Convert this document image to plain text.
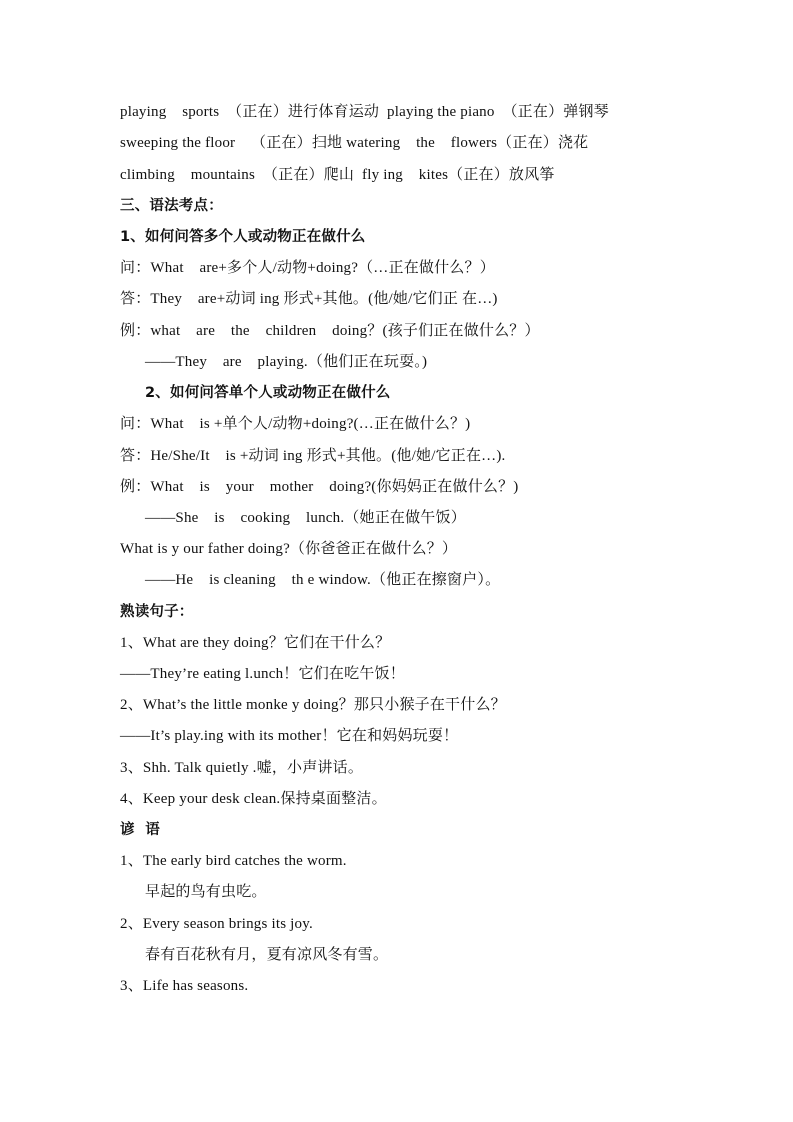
playing    sports  （正在）进行体育运动  playing the piano  （正在）弹钢琴
sweeping the floor    （正在）扫地 watering    the    flowers（正在）浇花
climbing    mountains  （正在）爬山  fly ing    kites（正在）放风筝
三、语法考点：
1、如何问答多个人或动物正在做什么
问：What    are+多个人/动物+doing?（…正在做什么？）
答：They    are+动词 ing 形式+其他。(他/她/它们正 在…)
例：what    are    the    children    doing？(孩子们正在做什么？）
——They    are    playing.（他们正在玩耍。)
2、如何问答单个人或动物正在做什么
问：What    is +单个人/动物+doing?(…正在做什么？)
答：He/She/It    is +动词 ing 形式+其他。(他/她/它正在…).
例：What    is    your    mother    doing?(你妈妈正在做什么？)
——She    is    cooking    lunch.（她正在做午饭）
What is y our father doing?（你爸爸正在做什么？）
——He    is cleaning    th e window.（他正在擦窗户）。
熟读句子：
1、What are they doing？它们在干什么？
——They’re eating l.unch！它们在吃午饭！
2、What’s the little monke y doing？那只小猴子在干什么？
——It’s play.ing with its mother！它在和妈妈玩耍！
3、Shh. Talk quietly .嘘，小声讲话。
4、Keep your desk clean.保持桌面整洁。
谚  语
1、The early bird catches the worm.
早起的鸟有虫吃。
2、Every season brings its joy.
春有百花秋有月，夏有凉风冬有雪。
3、Life has seasons.
